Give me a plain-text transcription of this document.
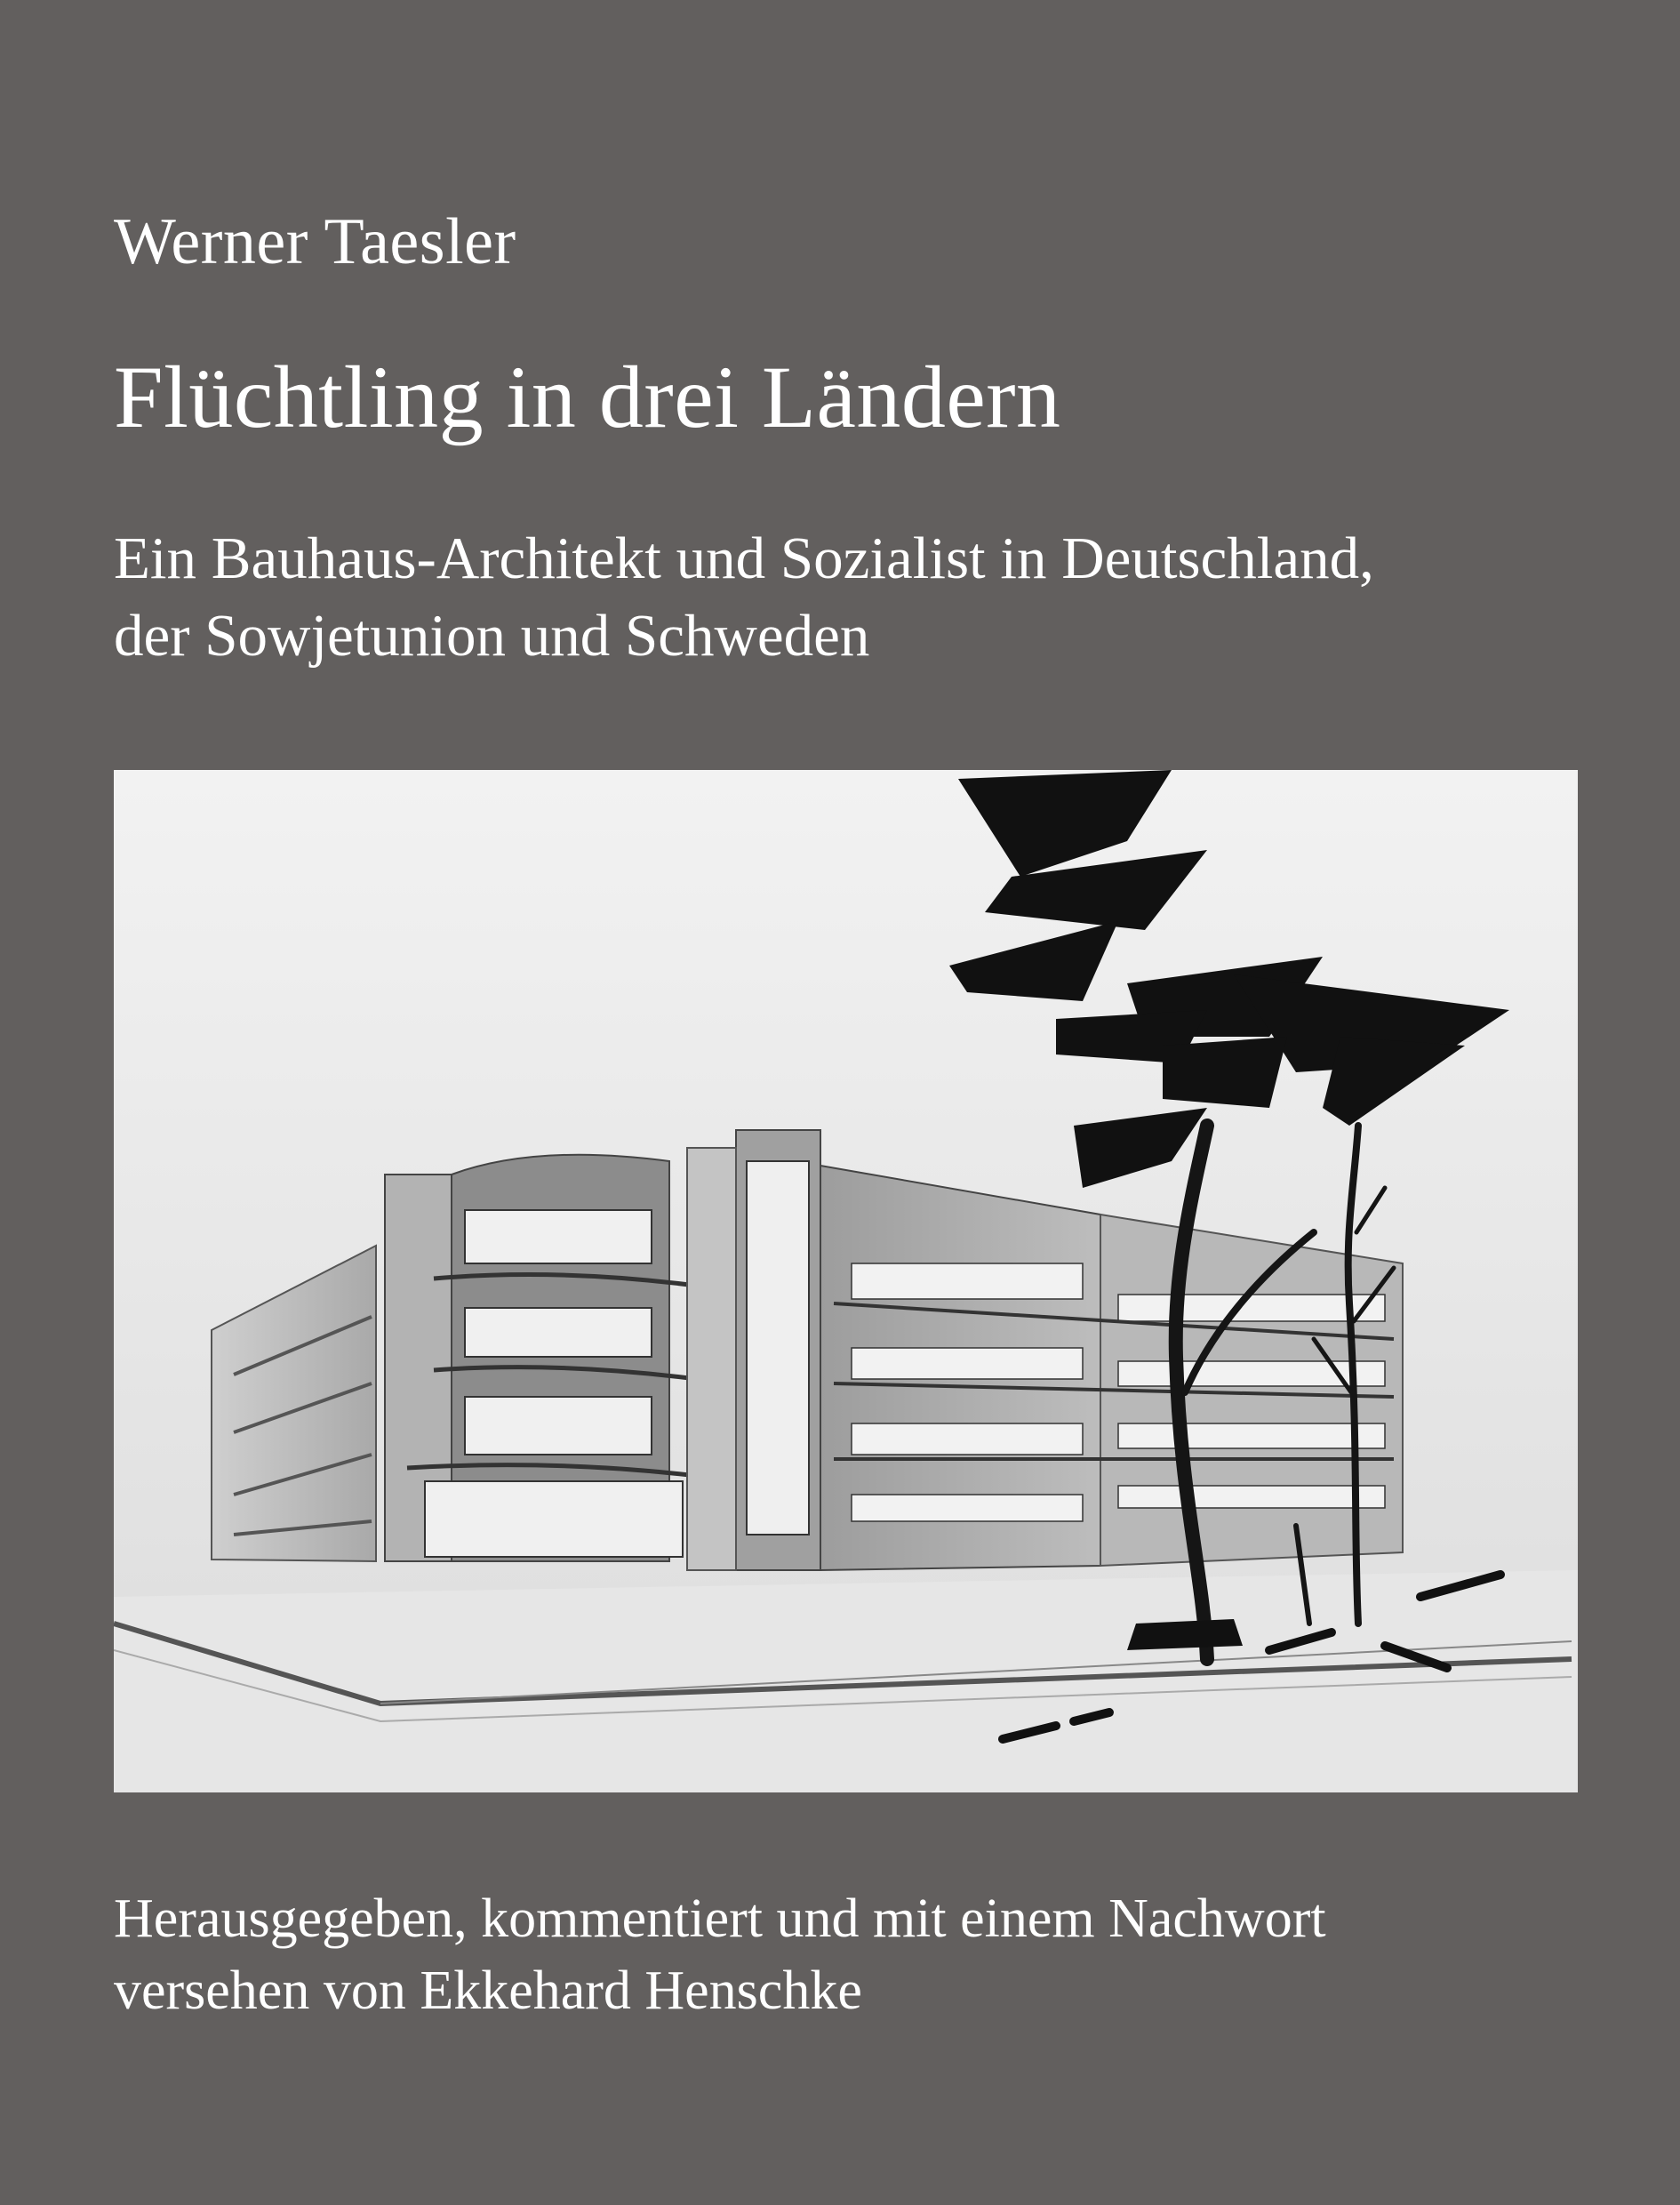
Werner Taesler
Flüchtling in drei Ländern
Ein Bauhaus-Architekt und Sozialist in Deutschland,
der Sowjetunion und Schweden
Herausgegeben, kommentiert und mit einem Nachwort
versehen von Ekkehard Henschke
